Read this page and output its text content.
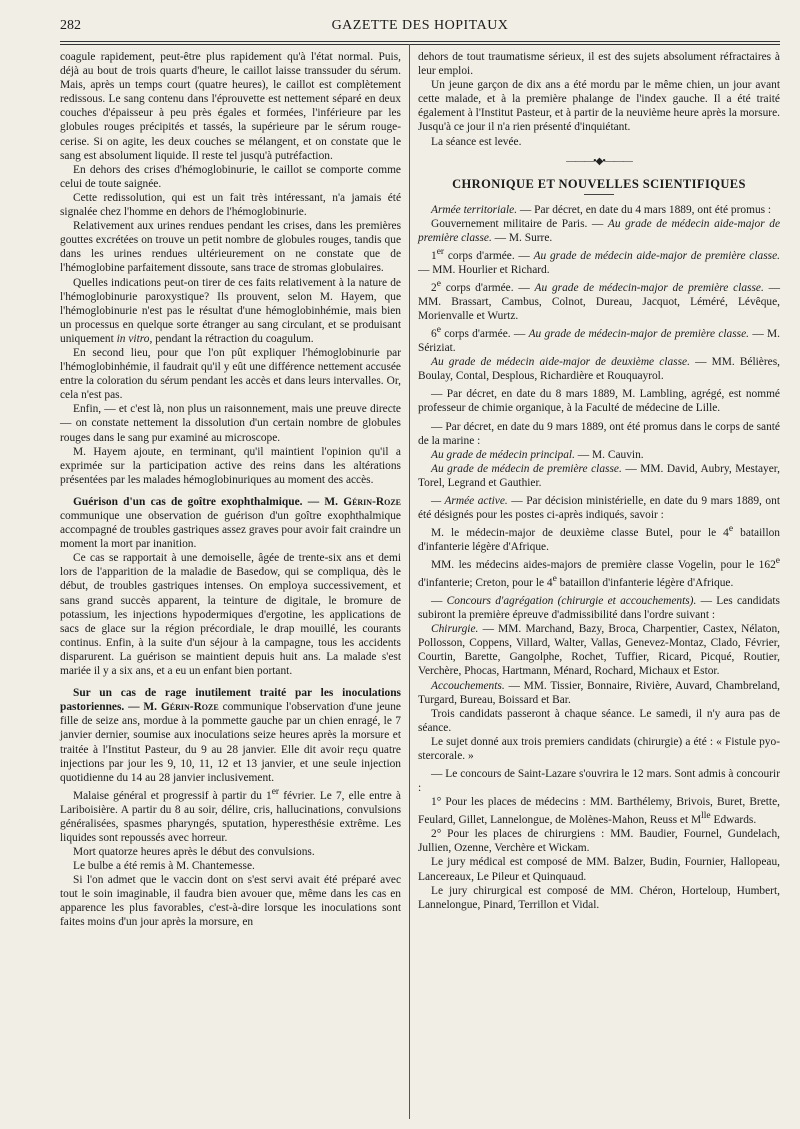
282	GAZETTE DES HOPITAUX

coagule rapidement, peut-être plus rapidement qu'à l'état normal. Puis, déjà au bout de trois quarts d'heure, le caillot laisse transsuder du sérum. Mais, après un temps court (quatre heures), le caillot est complètement redissous. Le sang contenu dans l'éprouvette est nettement séparé en deux couches d'épaisseur à peu près égales et formées, l'inférieure par les globules rouges précipités et tassés, la supérieure par le sérum rouge-cerise. Si on agite, les deux couches se mélangent, et on constate que le sang est absolument liquide. Il reste tel jusqu'à putréfaction.

En dehors des crises d'hémoglobinurie, le caillot se comporte comme celui de toute saignée.

Cette redissolution, qui est un fait très intéressant, n'a jamais été signalée chez l'homme en dehors de l'hémoglobinurie.

Relativement aux urines rendues pendant les crises, dans les premières gouttes excrétées on trouve un petit nombre de globules rouges, tandis que dans les urines rendues ultérieurement on ne constate que de l'hémoglobine parfaitement dissoute, sans trace de stromas globulaires.

Quelles indications peut-on tirer de ces faits relativement à la nature de l'hémoglobinurie paroxystique? Ils prouvent, selon M. Hayem, que l'hémoglobinurie n'est pas le résultat d'une hémoglobinhémie, mais bien un processus en quelque sorte étranger au sang circulant, et se produisant uniquement in vitro, pendant la rétraction du coagulum.

En second lieu, pour que l'on pût expliquer l'hémoglobinurie par l'hémoglobinhémie, il faudrait qu'il y eût une différence nettement accusée entre la coloration du sérum pendant les accès et dans leurs intervalles. Or, cela n'est pas.

Enfin, — et c'est là, non plus un raisonnement, mais une preuve directe — on constate nettement la dissolution d'un certain nombre de globules rouges dans le sang pur examiné au microscope.

M. Hayem ajoute, en terminant, qu'il maintient l'opinion qu'il a exprimée sur la participation active des reins dans les altérations présentées par les malades hémoglobinuriques au moment des accès.

Guérison d'un cas de goître exophthalmique. — M. Gérin-Roze communique une observation de guérison d'un goître exophthalmique accompagné de troubles gastriques assez graves pour avoir fait craindre un moment la mort par inanition.

Ce cas se rapportait à une demoiselle, âgée de trente-six ans et demi lors de l'apparition de la maladie de Basedow, qui se compliqua, dès le début, de troubles gastriques intenses. On employa successivement, et sans grand succès apparent, la teinture de digitale, le bromure de potassium, les injections hypodermiques d'ergotine, les applications de sacs de glace sur la région précordiale, le drap mouillé, les courants continus. Enfin, à la suite d'un séjour à la campagne, tous les accidents disparurent. La guérison se maintient depuis huit ans. La malade s'est mariée il y a six ans, et a eu un enfant bien portant.

Sur un cas de rage inutilement traité par les inoculations pastoriennes. — M. Gérin-Roze communique l'observation d'une jeune fille de seize ans, mordue à la pommette gauche par un chien enragé, le 7 janvier dernier, soumise aux inoculations seize heures après la morsure et traitée à l'Institut Pasteur, du 9 au 28 janvier. Elle dit avoir reçu quatre injections par jour les 9, 10, 11, 12 et 13 janvier, et une seule injection quotidienne du 14 au 28 janvier inclusivement.

Malaise général et progressif à partir du 1er février. Le 7, elle entre à Lariboisière. A partir du 8 au soir, délire, cris, hallucinations, convulsions généralisées, spasmes pharyngés, sputation, hyperesthésie extrême. Les liquides sont repoussés avec horreur.

Mort quatorze heures après le début des convulsions.

Le bulbe a été remis à M. Chantemesse.

Si l'on admet que le vaccin dont on s'est servi avait été préparé avec tout le soin imaginable, il faudra bien avouer que, même dans les cas en apparence les plus favorables, c'est-à-dire lorsque les inoculations sont faites moins d'un jour après la morsure, en

dehors de tout traumatisme sérieux, il est des sujets absolument réfractaires à leur emploi.

Un jeune garçon de dix ans a été mordu par le même chien, un jour avant cette malade, et à la première phalange de l'index gauche. Il a été traité également à l'Institut Pasteur, et à partir de la neuvième heure après la morsure. Jusqu'à ce jour il n'a rien présenté d'inquiétant.

La séance est levée.

———•◆•———
CHRONIQUE ET NOUVELLES SCIENTIFIQUES

Armée territoriale. — Par décret, en date du 4 mars 1889, ont été promus :

Gouvernement militaire de Paris. — Au grade de médecin aide-major de première classe. — M. Surre.

1er corps d'armée. — Au grade de médecin aide-major de première classe. — MM. Hourlier et Richard.

2e corps d'armée. — Au grade de médecin-major de première classe. — MM. Brassart, Cambus, Colnot, Dureau, Jacquot, Léméré, Lévêque, Morienvalle et Wurtz.

6e corps d'armée. — Au grade de médecin-major de première classe. — M. Sériziat.

Au grade de médecin aide-major de deuxième classe. — MM. Bélières, Boulay, Contal, Desplous, Richardière et Rouquayrol.

— Par décret, en date du 8 mars 1889, M. Lambling, agrégé, est nommé professeur de chimie organique, à la Faculté de médecine de Lille.

— Par décret, en date du 9 mars 1889, ont été promus dans le corps de santé de la marine :

Au grade de médecin principal. — M. Cauvin.

Au grade de médecin de première classe. — MM. David, Aubry, Mestayer, Torel, Legrand et Gauthier.

— Armée active. — Par décision ministérielle, en date du 9 mars 1889, ont été désignés pour les postes ci-après indiqués, savoir :

M. le médecin-major de deuxième classe Butel, pour le 4e bataillon d'infanterie légère d'Afrique.

MM. les médecins aides-majors de première classe Vogelin, pour le 162e d'infanterie; Creton, pour le 4e bataillon d'infanterie légère d'Afrique.

— Concours d'agrégation (chirurgie et accouchements). — Les candidats subiront la première épreuve d'admissibilité dans l'ordre suivant :

Chirurgie. — MM. Marchand, Bazy, Broca, Charpentier, Castex, Nélaton, Pollosson, Coppens, Villard, Walter, Vallas, Genevez-Montaz, Clado, Février, Courtin, Barette, Gangolphe, Rochet, Tuffier, Ricard, Picqué, Routier, Verchère, Phocas, Hartmann, Ménard, Rochard, Michaux et Estor.

Accouchements. — MM. Tissier, Bonnaire, Rivière, Auvard, Chambreland, Turgard, Bureau, Boissard et Bar.

Trois candidats passeront à chaque séance. Le samedi, il n'y aura pas de séance.

Le sujet donné aux trois premiers candidats (chirurgie) a été : « Fistule pyo-stercorale. »

— Le concours de Saint-Lazare s'ouvrira le 12 mars. Sont admis à concourir :

1° Pour les places de médecins : MM. Barthélemy, Brivois, Buret, Brette, Feulard, Gillet, Lannelongue, de Molènes-Mahon, Reuss et $M^{lle}$ Edwards.

2° Pour les places de chirurgiens : MM. Baudier, Fournel, Gundelach, Jullien, Ozenne, Verchère et Wickam.

Le jury médical est composé de MM. Balzer, Budin, Fournier, Hallopeau, Lancereaux, Le Pileur et Quinquaud.

Le jury chirurgical est composé de MM. Chéron, Horteloup, Humbert, Lannelongue, Pinard, Terrillon et Vidal.
